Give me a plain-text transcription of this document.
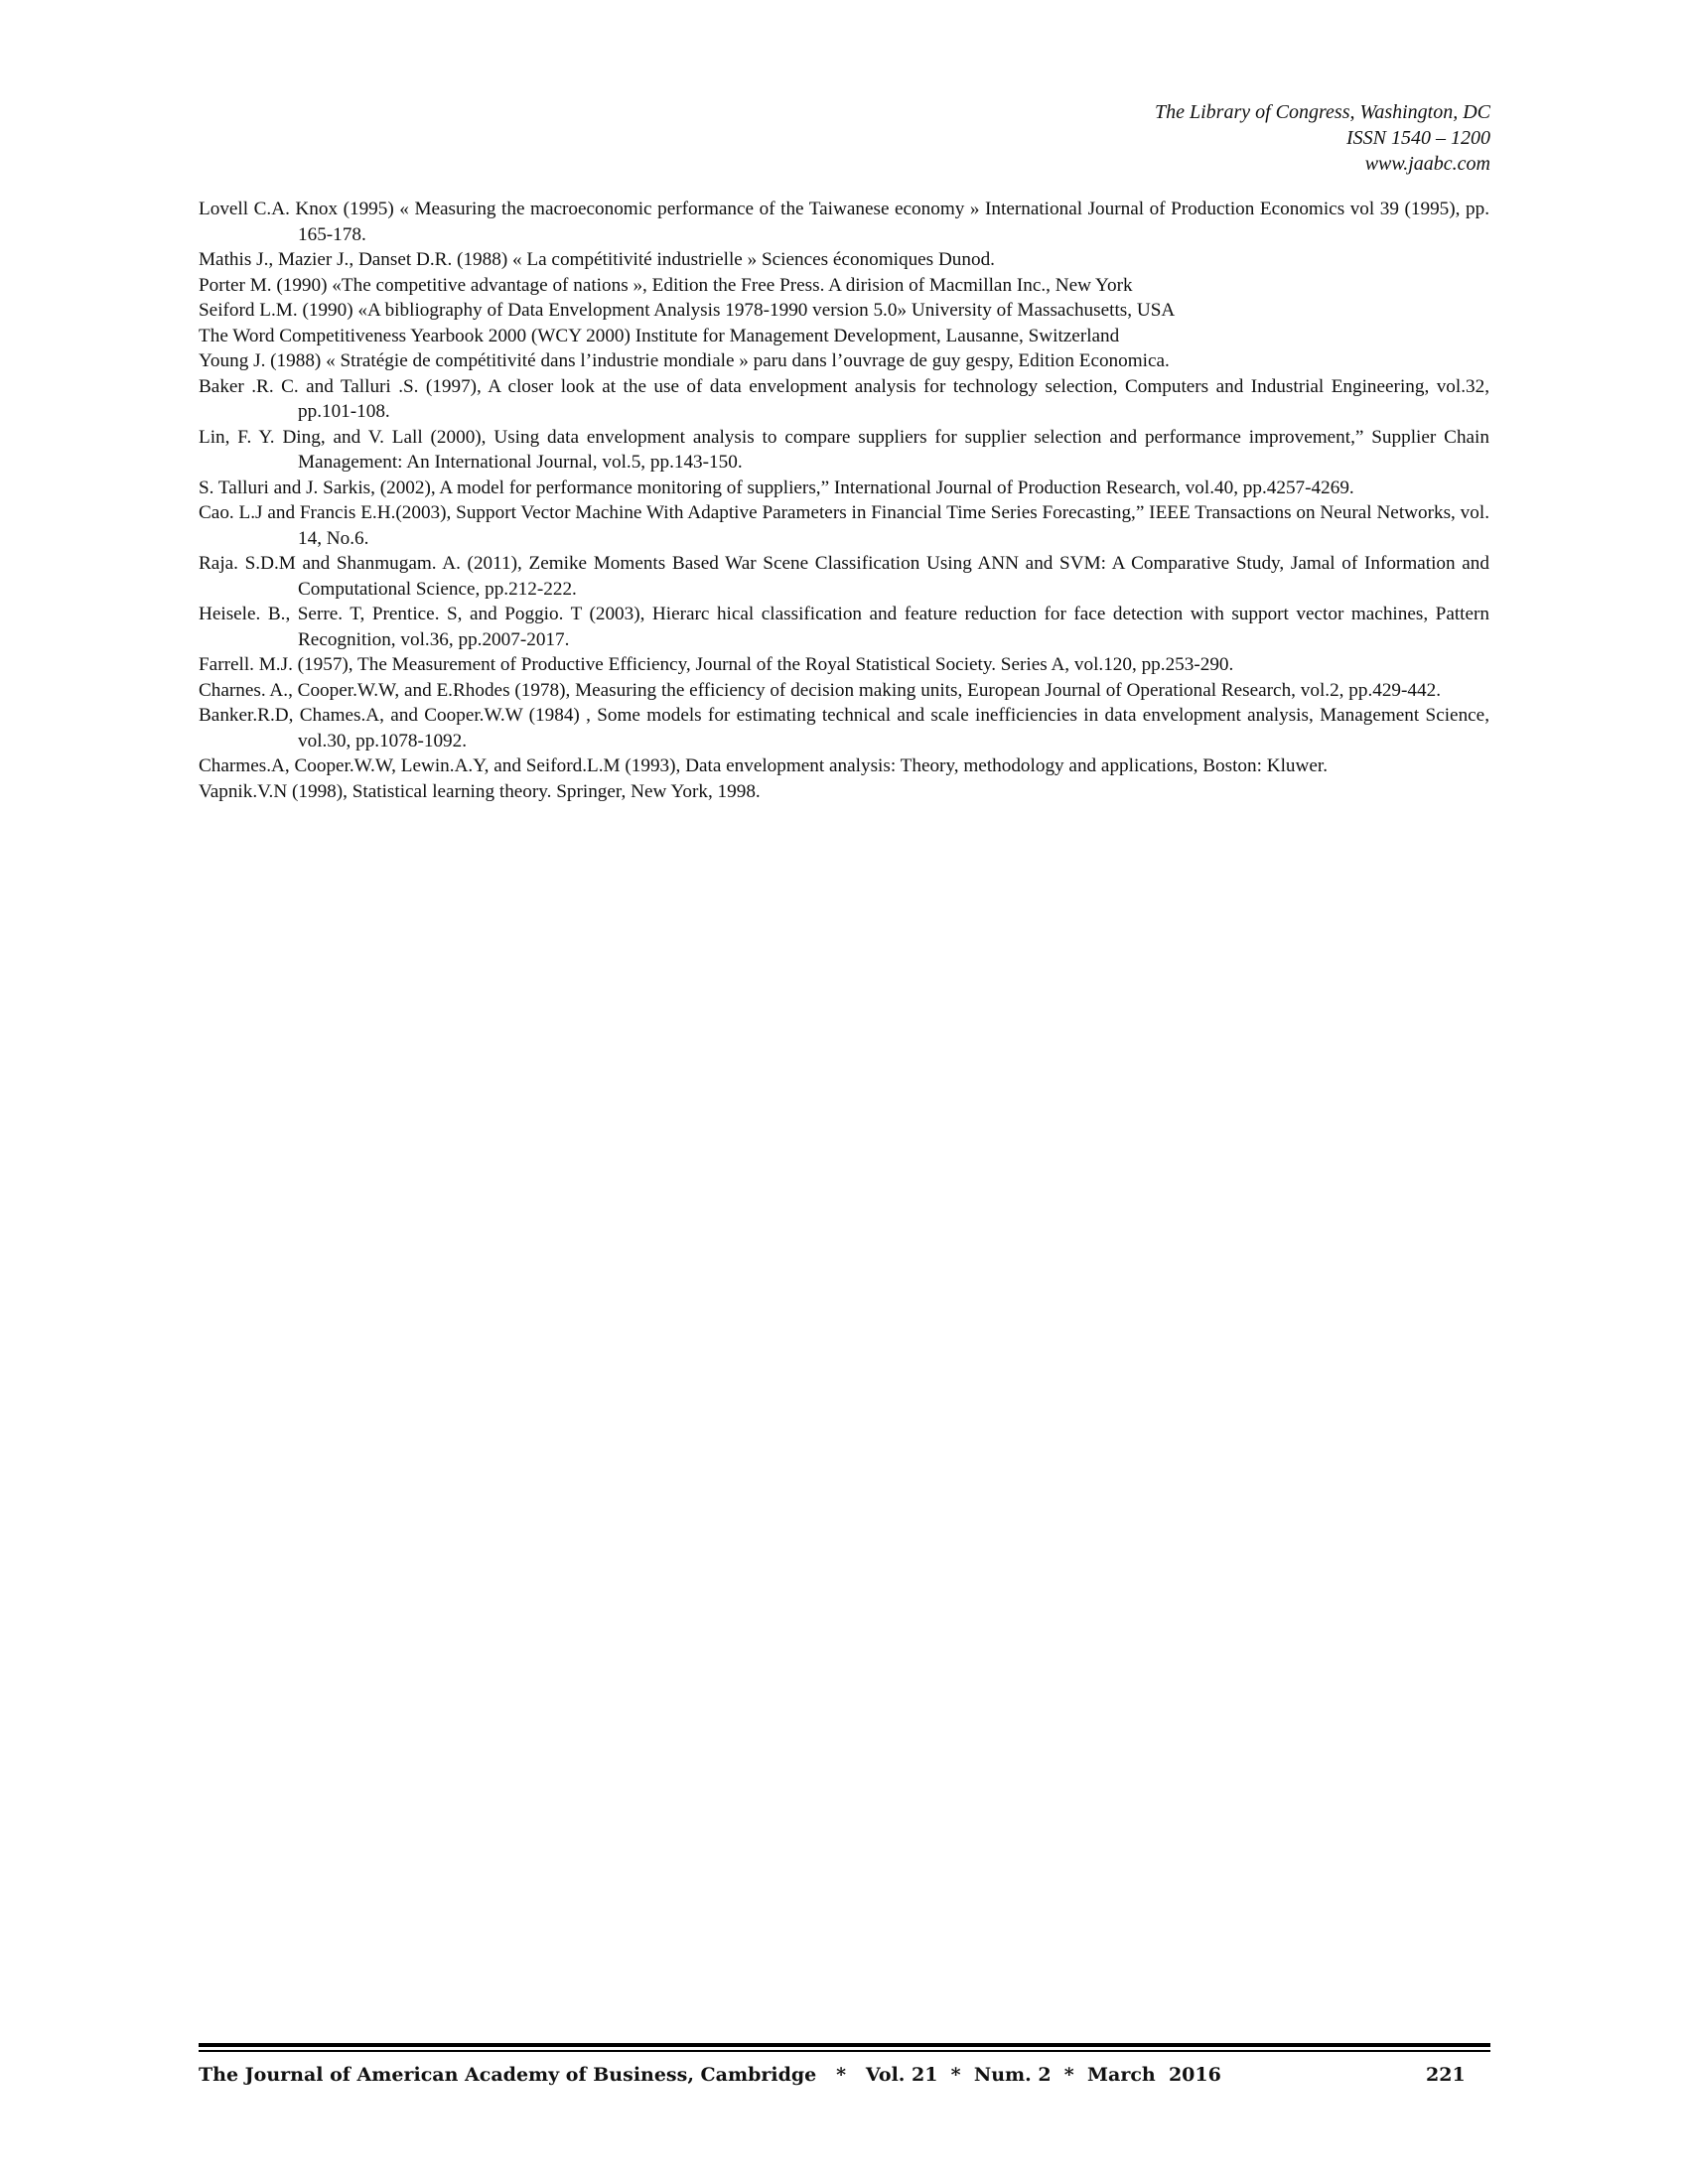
The Library of Congress, Washington, DC
ISSN 1540 – 1200
www.jaabc.com

Lovell C.A. Knox (1995) « Measuring the macroeconomic performance of the Taiwanese economy » International Journal of Production Economics vol 39 (1995), pp. 165-178.

Mathis J., Mazier J., Danset D.R. (1988) « La compétitivité industrielle » Sciences économiques Dunod.

Porter M. (1990) «The competitive advantage of nations », Edition the Free Press. A dirision of Macmillan Inc., New York

Seiford L.M. (1990) «A bibliography of Data Envelopment Analysis 1978-1990 version 5.0» University of Massachusetts, USA

The Word Competitiveness Yearbook 2000 (WCY 2000) Institute for Management Development, Lausanne, Switzerland

Young J. (1988) « Stratégie de compétitivité dans l’industrie mondiale » paru dans l’ouvrage de guy gespy, Edition Economica.

Baker .R. C. and Talluri .S. (1997), A closer look at the use of data envelopment analysis for technology selection, Computers and Industrial Engineering, vol.32, pp.101-108.

Lin, F. Y. Ding, and V. Lall (2000), Using data envelopment analysis to compare suppliers for supplier selection and performance improvement,” Supplier Chain Management: An International Journal, vol.5, pp.143-150.

S. Talluri and J. Sarkis, (2002), A model for performance monitoring of suppliers,” International Journal of Production Research, vol.40, pp.4257-4269.

Cao. L.J and Francis E.H.(2003), Support Vector Machine With Adaptive Parameters in Financial Time Series Forecasting,” IEEE Transactions on Neural Networks, vol. 14, No.6.

Raja. S.D.M and Shanmugam. A. (2011), Zemike Moments Based War Scene Classification Using ANN and SVM: A Comparative Study, Jamal of Information and Computational Science, pp.212-222.

Heisele. B., Serre. T, Prentice. S, and Poggio. T (2003), Hierarc hical classification and feature reduction for face detection with support vector machines, Pattern Recognition, vol.36, pp.2007-2017.

Farrell. M.J. (1957), The Measurement of Productive Efficiency, Journal of the Royal Statistical Society. Series A, vol.120, pp.253-290.

Charnes. A., Cooper.W.W, and E.Rhodes (1978), Measuring the efficiency of decision making units, European Journal of Operational Research, vol.2, pp.429-442.

Banker.R.D, Chames.A, and Cooper.W.W (1984) , Some models for estimating technical and scale inefficiencies in data envelopment analysis, Management Science, vol.30, pp.1078-1092.

Charmes.A, Cooper.W.W, Lewin.A.Y, and Seiford.L.M (1993), Data envelopment analysis: Theory, methodology and applications, Boston: Kluwer.

Vapnik.V.N (1998), Statistical learning theory. Springer, New York, 1998.

The Journal of American Academy of Business, Cambridge   *   Vol. 21  *  Num. 2  *  March  2016	221
